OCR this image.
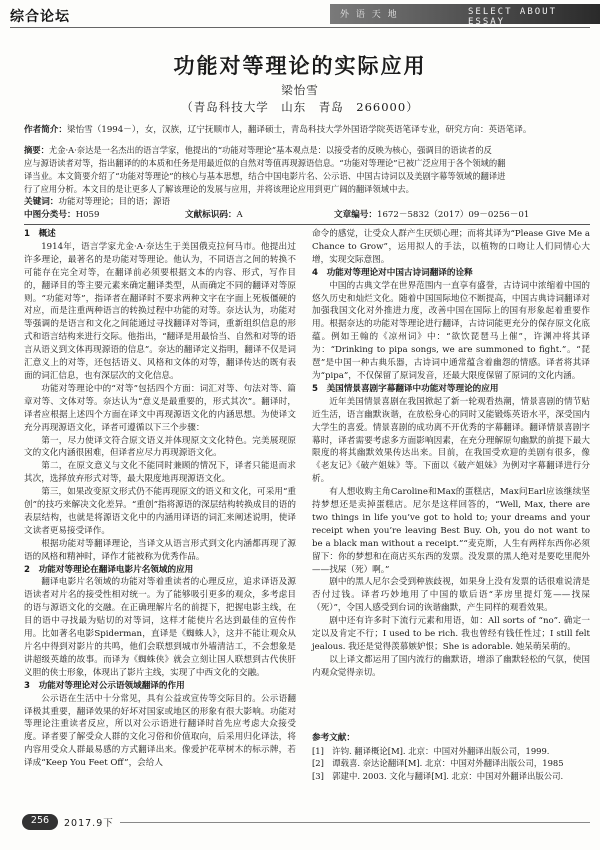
综合论坛	外 语 天 地	SELECT ABOUT ESSAY
功能对等理论的实际应用
梁怡雪
（青岛科技大学　山东　青岛　266000）
作者简介：梁怡雪（1994－），女，汉族，辽宁抚顺市人，翻译硕士，青岛科技大学外国语学院英语笔译专业，研究方向：英语笔译。
摘要：尤金·A·奈达是一名杰出的语言学家，他提出的“功能对等理论”基本观点是：以接受者的反映为核心，强调目的语读者的反
应与源语读者对等，指出翻译的的本质和任务是用最近似的自然对等值再现源语信息。“功能对等理论”已被广泛应用于各个领域的翻
译当业。本文简要介绍了“功能对等理论”的核心与基本思想，结合中国电影片名、公示语、中国古诗词以及美剧字幕等领域的翻译进
行了应用分析。本文目的是让更多人了解该理论的发展与应用，并将该理论应用到更广阔的翻译领域中去。
关键词：功能对等理论；目的语；源语
中图分类号：H059	文献标识码：A	文章编号：1672－5832（2017）09－0256－01

1　概述

1914年，语言学家尤金·A·奈达生于美国俄克拉何马市。他提出过许多理论，最著名的是功能对等理论。他认为，不同语言之间的转换不可能存在完全对等，在翻译前必须要根据文本的内容、形式，写作目的，翻译目的等主要元素来确定翻译类型，从而确定不同的翻译对等原则。“功能对等”，指译者在翻译时不要求两种文字在字面上死板僵硬的对应，而是注重两种语言的转换过程中功能的对等。奈达认为，功能对等强调的是语言和文化之间能通过寻找翻译对等词，重新组织信息的形式和语言结构来进行交际。他指出，“翻译是用最恰当、自然和对等的语言从语义到文体再现源语的信息”。奈达的翻译定义指明，翻译不仅是词汇意义上的对等，还包括语义、风格和文体的对等，翻译传达的既有表面的词汇信息，也有深层次的文化信息。

功能对等理论中的“对等”包括四个方面：词汇对等、句法对等、篇章对等、文体对等。奈达认为“意义是最重要的，形式其次”。翻译时，译者应根据上述四个方面在译文中再现源语文化的内涵思想。为使译文充分再现源语文化，译者可遵循以下三个步骤：

第一，尽力使译文符合原文语义并体现原文文化特色。完美展现原文的文化内涵很困难，但译者应尽力再现源语文化。

第二，在原文意义与文化不能同时兼顾的情况下，译者只能退而求其次，选择放弃形式对等，最大限度地再现源语文化。

第三，如果改变原文形式仍不能再现原文的语义和文化，可采用“重创”的技巧来解决文化差异。“重创”指将源语的深层结构转换成目的语的表层结构，也就是将源语文化中的内涵用译语的词汇来阐述说明，使译文读者更易接受译作。

根据功能对等翻译理论，当译文从语言形式到文化内涵都再现了源语的风格和精神时，译作才能被称为优秀作品。

2　功能对等理论在翻译电影片名领域的应用

翻译电影片名领域的功能对等着重读者的心理反应，追求译语及源语读者对片名的接受性相对统一。为了能够吸引更多的观众，多考虑目的语与源语文化的交融。在正确理解片名的前提下，把握电影主线，在目的语中寻找最为贴切的对等词，这样才能使片名达到最佳的宣传作用。比如著名电影Spiderman，直译是《蜘蛛人》，这并不能让观众从片名中得到对影片的共鸣，他们会联想到城市外墙清洁工，不会想象是讲超级英雄的故事。而译为《蜘蛛侠》就会立刻让国人联想到古代侠肝义胆的侠士形象，体现出了影片主线，实现了中西文化的交融。

3　功能对等理论对公示语领域翻译的作用

公示语在生活中十分常见，具有公益或宣传等交际目的。公示语翻译极其重要，翻译效果的好坏对国家或地区的形象有很大影响。功能对等理论注重读者反应，所以对公示语进行翻译时首先应考虑大众接受度。译者要了解受众人群的文化习俗和价值取向，后采用归化译法，将内容用受众人群最易感的方式翻译出来。像爱护花草树木的标示牌，若译成“Keep You Feet Off”，会给人

命令的感觉，让受众人群产生厌烦心理；而将其译为“Please Give Me a Chance to Grow”，运用拟人的手法，以植物的口吻让人们同情心大增，实现交际意图。

4　功能对等理论对中国古诗词翻译的诠释

中国的古典文学在世界范围内一直享有盛誉，古诗词中浓缩着中国的悠久历史和灿烂文化。随着中国国际地位不断提高，中国古典诗词翻译对加强我国文化对外推进力度，改善中国在国际上的国有形象起着重要作用。根据奈达的功能对等理论进行翻译，古诗词能更充分的保存原文化底蕴。例如王翰的《凉州词》中：“欲饮琵琶马上催”，许渊冲将其译为：“Drinking to pipa songs, we are summoned to fight.”。“琵琶”是中国一种古典乐器，古诗词中通常蕴含着幽怨的情感。译者将其译为“pipa”，不仅保留了原词发音，还最大限度保留了原词的文化内涵。

5　美国情景喜剧字幕翻译中功能对等理论的应用

近年美国情景喜剧在我国掀起了新一轮观看热潮，情景喜剧的情节贴近生活，语言幽默诙谐，在放松身心的同时又能锻炼英语水平，深受国内大学生的喜爱。情景喜剧的成功离不开优秀的字幕翻译。翻译情景喜剧字幕时，译者需要考虑多方面影响因素，在充分理解原句幽默的前提下最大限度的将其幽默效果传达出来。目前，在我国受欢迎的美剧有很多，像《老友记》《破产姐妹》等。下面以《破产姐妹》为例对字幕翻译进行分析。

有人想收购主角Caroline和Max的蛋糕店，Max问Earl应该继续坚持梦想还是卖掉蛋糕店。尼尔是这样回答的，“Well, Max, there are two things in life you’ve got to hold to; your dreams and your receipt when you’re leaving Best Buy. Oh, you do not want to be a black man without a receipt.”“麦克斯，人生有两样东西你必须留下：你的梦想和在商店买东西的发票。没发票的黑人绝对是要吃里爬外——找屎（死）啊。”

剧中的黑人尼尔会受到种族歧视，如果身上没有发票的话很难说清是否付过钱。译者巧妙地用了中国的歇后语“茅房里提灯笼——找屎（死）”，令国人感受到台词的诙谐幽默，产生同样的观看效果。

剧中还有许多时下流行元素和用语，如：All sorts of “no”. 确定一定以及肯定不行；I used to be rich. 我也曾经有钱任性过；I still felt jealous. 我还是觉得羡慕嫉妒恨；She is adorable. 她呆萌呆萌的。

以上译文都运用了国内流行的幽默语，增添了幽默轻松的气氛，使国内观众觉得亲切。

参考文献：
[1]　许钧. 翻译概论[M]. 北京：中国对外翻译出版公司，1999.
[2]　谭载喜. 奈达论翻译[M]. 北京：中国对外翻译出版公司，1985
[3]　郭建中. 2003. 文化与翻译[M]. 北京：中国对外翻译出版公司.
256	2017.9下
